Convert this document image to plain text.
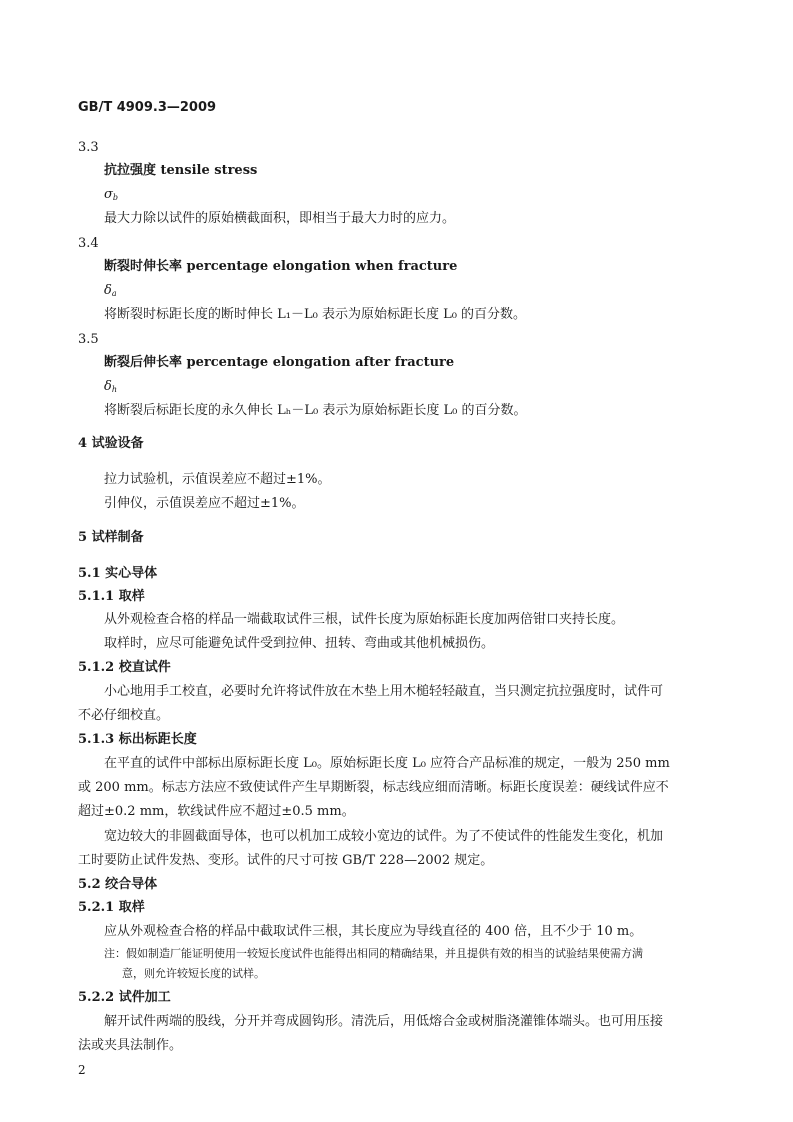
GB/T 4909.3—2009
3.3
抗拉强度 tensile stress
$\sigma_b$
最大力除以试件的原始横截面积，即相当于最大力时的应力。
3.4
断裂时伸长率 percentage elongation when fracture
$\delta_a$
将断裂时标距长度的断时伸长 L₁－L₀ 表示为原始标距长度 L₀ 的百分数。
3.5
断裂后伸长率 percentage elongation after fracture
$\delta_h$
将断裂后标距长度的永久伸长 Lₕ－L₀ 表示为原始标距长度 L₀ 的百分数。
4 试验设备
拉力试验机，示值误差应不超过±1%。
引伸仪，示值误差应不超过±1%。
5 试样制备
5.1 实心导体
5.1.1 取样
从外观检查合格的样品一端截取试件三根，试件长度为原始标距长度加两倍钳口夹持长度。
取样时，应尽可能避免试件受到拉伸、扭转、弯曲或其他机械损伤。
5.1.2 校直试件
小心地用手工校直，必要时允许将试件放在木垫上用木槌轻轻敲直，当只测定抗拉强度时，试件可
不必仔细校直。
5.1.3 标出标距长度
在平直的试件中部标出原标距长度 L₀。原始标距长度 L₀ 应符合产品标准的规定，一般为 250 mm
或 200 mm。标志方法应不致使试件产生早期断裂，标志线应细而清晰。标距长度误差：硬线试件应不
超过±0.2 mm，软线试件应不超过±0.5 mm。
宽边较大的非圆截面导体，也可以机加工成较小宽边的试件。为了不使试件的性能发生变化，机加
工时要防止试件发热、变形。试件的尺寸可按 GB/T 228—2002 规定。
5.2 绞合导体
5.2.1 取样
应从外观检查合格的样品中截取试件三根，其长度应为导线直径的 400 倍，且不少于 10 m。
注：假如制造厂能证明使用一较短长度试件也能得出相同的精确结果，并且提供有效的相当的试验结果使需方满
意，则允许较短长度的试样。
5.2.2 试件加工
解开试件两端的股线，分开并弯成圆钩形。清洗后，用低熔合金或树脂浇灌锥体端头。也可用压接
法或夹具法制作。
2
